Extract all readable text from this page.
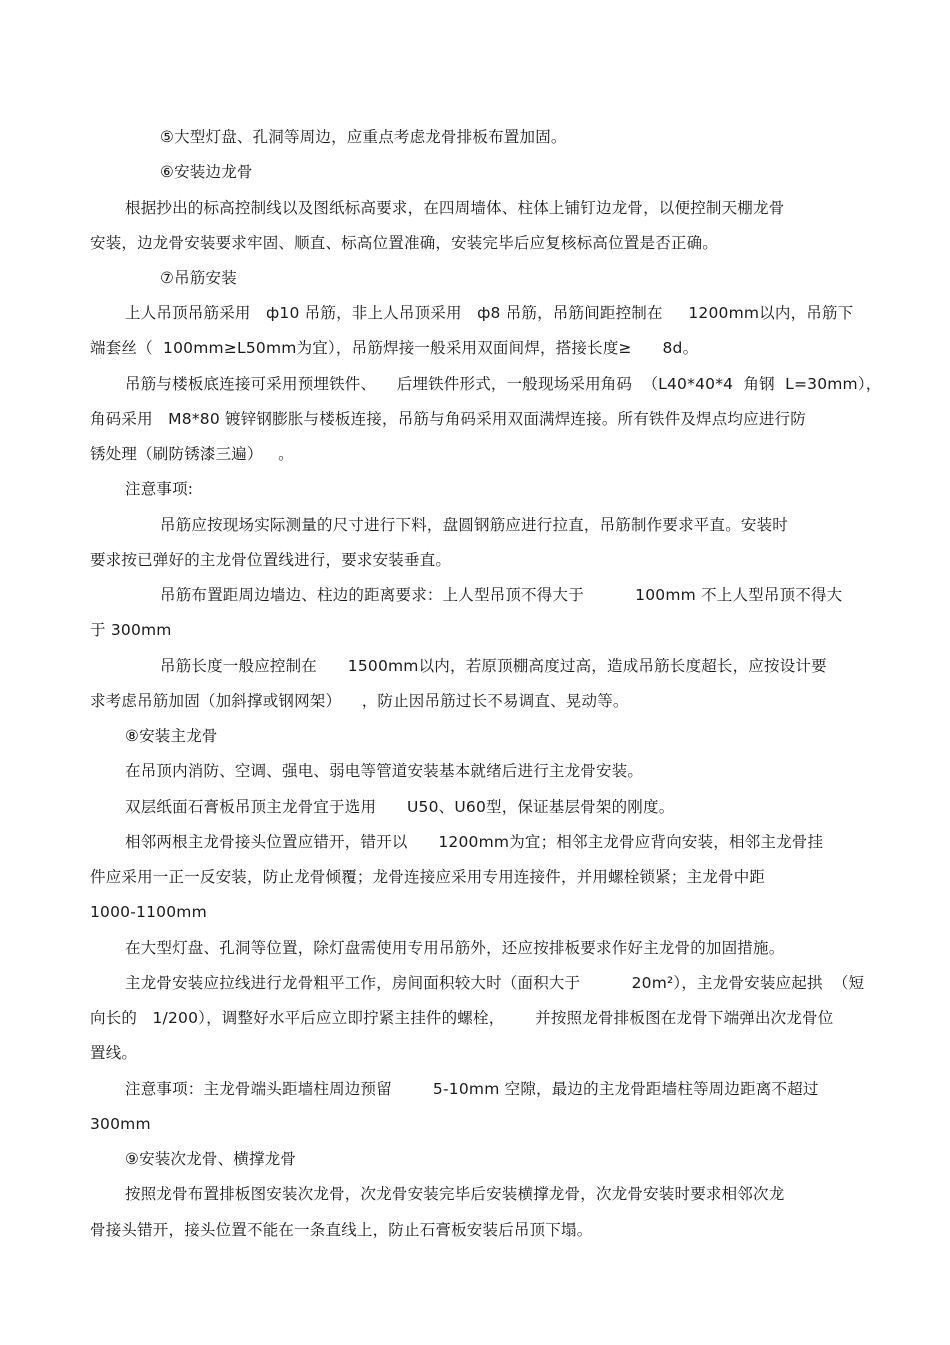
⑤大型灯盘、孔洞等周边，应重点考虑龙骨排板布置加固。
⑥安装边龙骨
根据抄出的标高控制线以及图纸标高要求，在四周墙体、柱体上铺钉边龙骨，以便控制天棚龙骨
安装，边龙骨安装要求牢固、顺直、标高位置准确，安装完毕后应复核标高位置是否正确。
⑦吊筋安装
上人吊顶吊筋采用   ф10 吊筋，非上人吊顶采用   ф8 吊筋，吊筋间距控制在     1200mm以内，吊筋下
端套丝（  100mm≥L50mm为宜），吊筋焊接一般采用双面间焊，搭接长度≥      8d。
吊筋与楼板底连接可采用预埋铁件、    后埋铁件形式，一般现场采用角码  （L40*40*4  角钢  L=30mm），
角码采用   M8*80 镀锌钢膨胀与楼板连接，吊筋与角码采用双面满焊连接。所有铁件及焊点均应进行防
锈处理（刷防锈漆三遍）   。
注意事项:
吊筋应按现场实际测量的尺寸进行下料，盘圆钢筋应进行拉直，吊筋制作要求平直。安装时
要求按已弹好的主龙骨位置线进行，要求安装垂直。
吊筋布置距周边墙边、柱边的距离要求：上人型吊顶不得大于          100mm 不上人型吊顶不得大
于 300mm
吊筋长度一般应控制在      1500mm以内，若原顶棚高度过高，造成吊筋长度超长，应按设计要
求考虑吊筋加固（加斜撑或钢网架）    ，防止因吊筋过长不易调直、晃动等。
⑧安装主龙骨
在吊顶内消防、空调、强电、弱电等管道安装基本就绪后进行主龙骨安装。
双层纸面石膏板吊顶主龙骨宜于选用      U50、U60型，保证基层骨架的刚度。
相邻两根主龙骨接头位置应错开，错开以      1200mm为宜；相邻主龙骨应背向安装，相邻主龙骨挂
件应采用一正一反安装，防止龙骨倾覆；龙骨连接应采用专用连接件，并用螺栓锁紧；主龙骨中距
1000-1100mm
在大型灯盘、孔洞等位置，除灯盘需使用专用吊筋外，还应按排板要求作好主龙骨的加固措施。
主龙骨安装应拉线进行龙骨粗平工作，房间面积较大时（面积大于          20m²），主龙骨安装应起拱  （短
向长的   1/200），调整好水平后应立即拧紧主挂件的螺栓，      并按照龙骨排板图在龙骨下端弹出次龙骨位
置线。
注意事项：主龙骨端头距墙柱周边预留        5-10mm 空隙，最边的主龙骨距墙柱等周边距离不超过
300mm
⑨安装次龙骨、横撑龙骨
按照龙骨布置排板图安装次龙骨，次龙骨安装完毕后安装横撑龙骨，次龙骨安装时要求相邻次龙
骨接头错开，接头位置不能在一条直线上，防止石膏板安装后吊顶下塌。
